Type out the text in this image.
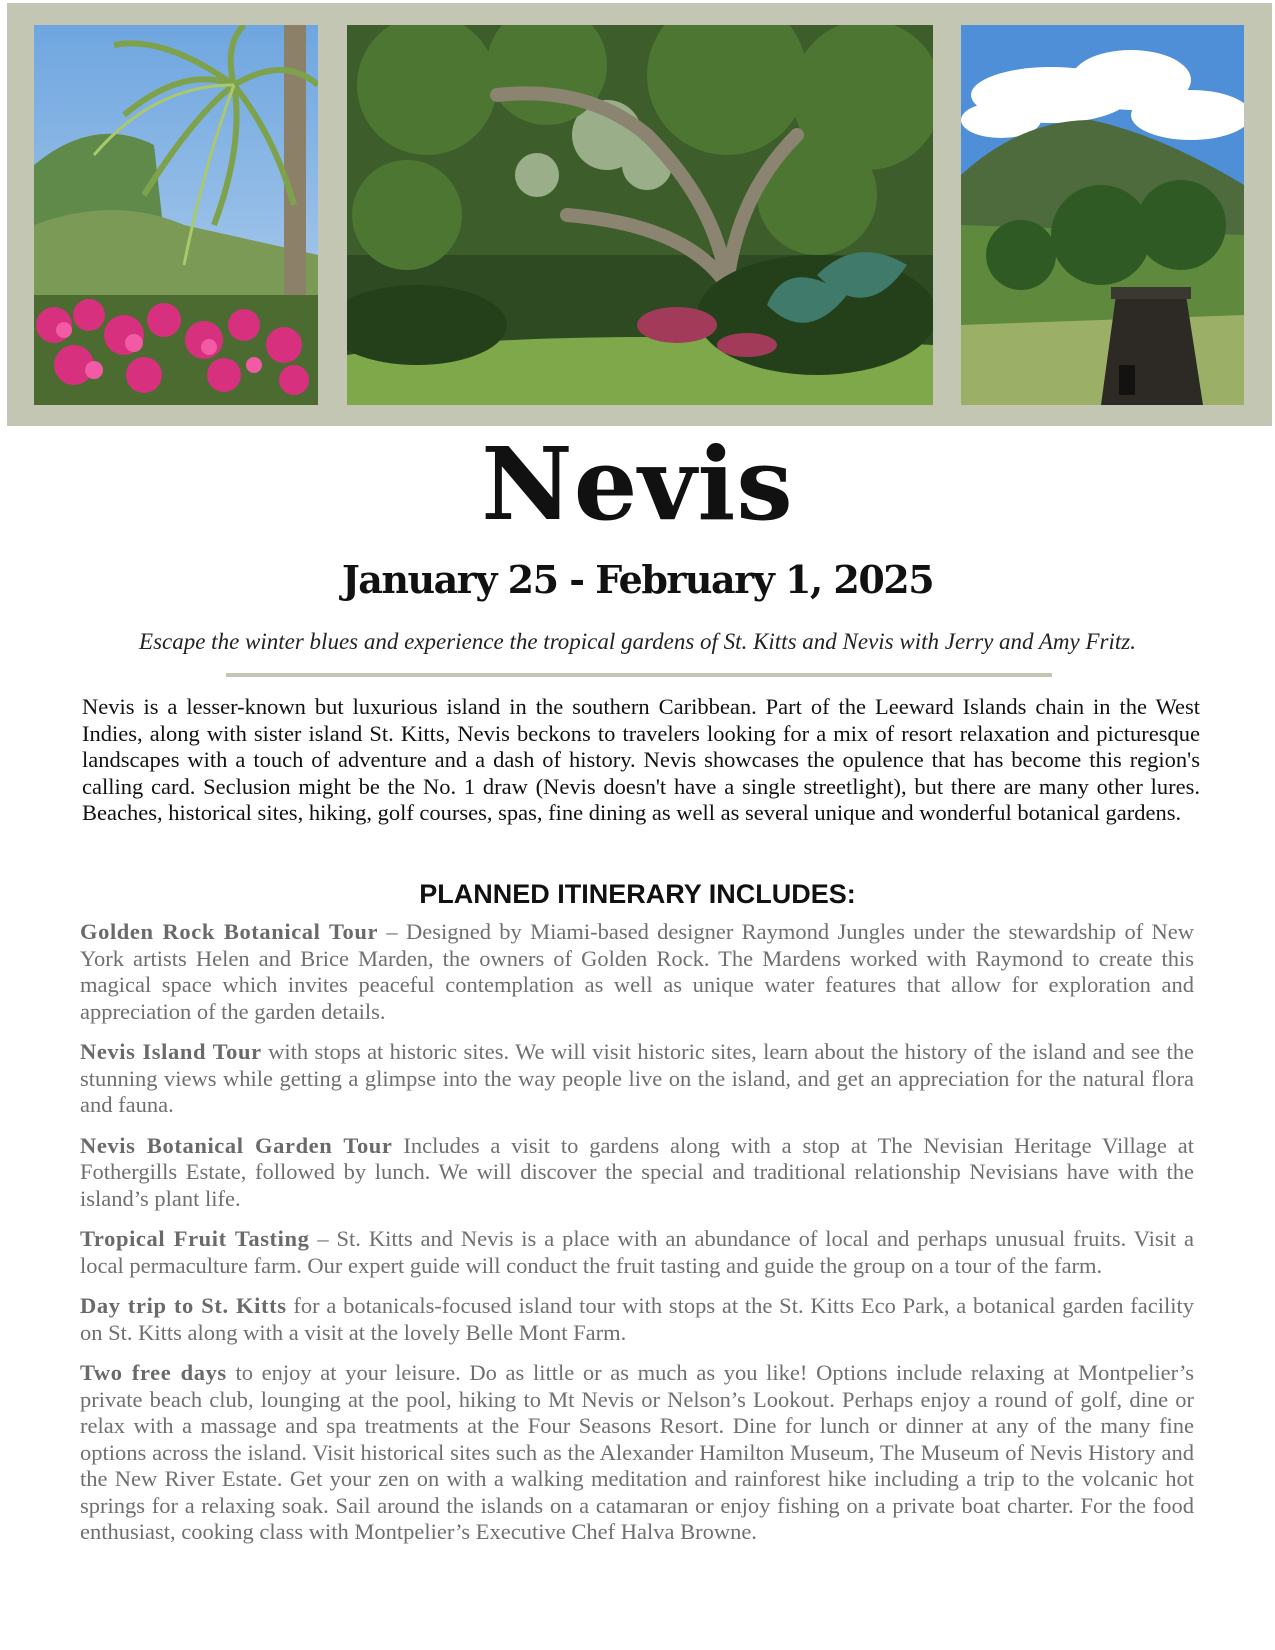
Nevis
January 25 - February 1, 2025
Escape the winter blues and experience the tropical gardens of St. Kitts and Nevis with Jerry and Amy Fritz.

Nevis is a lesser-known but luxurious island in the southern Caribbean. Part of the Leeward Islands chain in the West Indies, along with sister island St. Kitts, Nevis beckons to travelers looking for a mix of resort relaxation and picturesque landscapes with a touch of adventure and a dash of history. Nevis showcases the opulence that has become this region's calling card. Seclusion might be the No. 1 draw (Nevis doesn't have a single streetlight), but there are many other lures. Beaches, historical sites, hiking, golf courses, spas, fine dining as well as several unique and wonderful botanical gardens.

PLANNED ITINERARY INCLUDES:
Golden Rock Botanical Tour – Designed by Miami-based designer Raymond Jungles under the stewardship of New York artists Helen and Brice Marden, the owners of Golden Rock. The Mardens worked with Raymond to create this magical space which invites peaceful contemplation as well as unique water features that allow for exploration and appreciation of the garden details.
Nevis Island Tour with stops at historic sites. We will visit historic sites, learn about the history of the island and see the stunning views while getting a glimpse into the way people live on the island, and get an appreciation for the natural flora and fauna.
Nevis Botanical Garden Tour Includes a visit to gardens along with a stop at The Nevisian Heritage Village at Fothergills Estate, followed by lunch. We will discover the special and traditional relationship Nevisians have with the island’s plant life.
Tropical Fruit Tasting – St. Kitts and Nevis is a place with an abundance of local and perhaps unusual fruits. Visit a local permaculture farm. Our expert guide will conduct the fruit tasting and guide the group on a tour of the farm.
Day trip to St. Kitts for a botanicals-focused island tour with stops at the St. Kitts Eco Park, a botanical garden facility on St. Kitts along with a visit at the lovely Belle Mont Farm.
Two free days to enjoy at your leisure. Do as little or as much as you like! Options include relaxing at Montpelier’s private beach club, lounging at the pool, hiking to Mt Nevis or Nelson’s Lookout. Perhaps enjoy a round of golf, dine or relax with a massage and spa treatments at the Four Seasons Resort. Dine for lunch or dinner at any of the many fine options across the island. Visit historical sites such as the Alexander Hamilton Museum, The Museum of Nevis History and the New River Estate. Get your zen on with a walking meditation and rainforest hike including a trip to the volcanic hot springs for a relaxing soak. Sail around the islands on a catamaran or enjoy fishing on a private boat charter. For the food enthusiast, cooking class with Montpelier’s Executive Chef Halva Browne.
